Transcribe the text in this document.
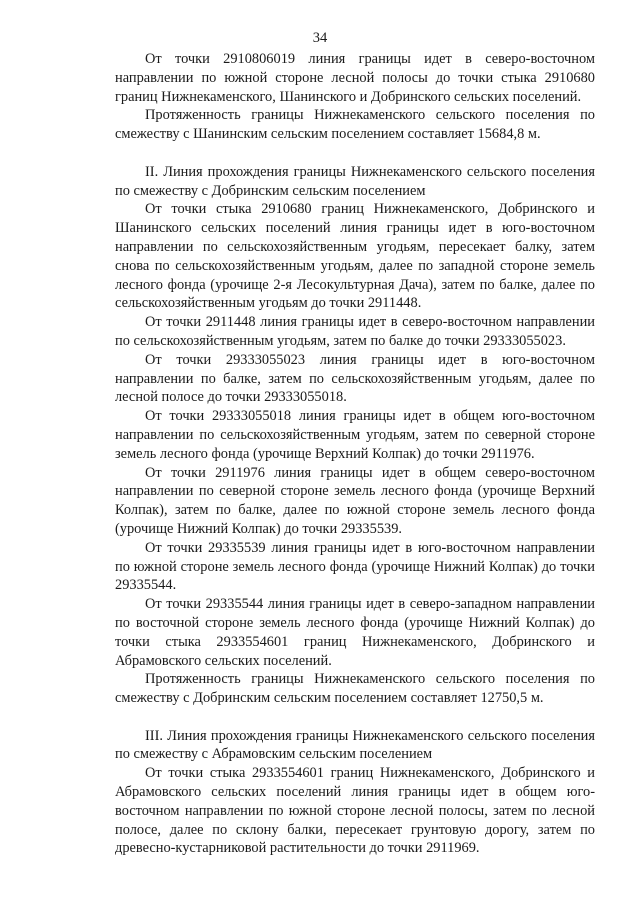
34

От точки 2910806019 линия границы идет в северо-восточном направлении по южной стороне лесной полосы до точки стыка 2910680 границ Нижнекаменского, Шанинского и Добринского сельских поселений.

Протяженность границы Нижнекаменского сельского поселения по смежеству с Шанинским сельским поселением составляет 15684,8 м.

II. Линия прохождения границы Нижнекаменского сельского поселения по смежеству с Добринским сельским поселением

От точки стыка 2910680 границ Нижнекаменского, Добринского и Шанинского сельских поселений линия границы идет в юго-восточном направлении по сельскохозяйственным угодьям, пересекает балку, затем снова по сельскохозяйственным угодьям, далее по западной стороне земель лесного фонда (урочище 2-я Лесокультурная Дача), затем по балке, далее по сельскохозяйственным угодьям до точки 2911448.

От точки 2911448 линия границы идет в северо-восточном направлении по сельскохозяйственным угодьям, затем по балке до точки 29333055023.

От точки 29333055023 линия границы идет в юго-восточном направлении по балке, затем по сельскохозяйственным угодьям, далее по лесной полосе до точки 29333055018.

От точки 29333055018 линия границы идет в общем юго-восточном направлении по сельскохозяйственным угодьям, затем по северной стороне земель лесного фонда (урочище Верхний Колпак) до точки 2911976.

От точки 2911976 линия границы идет в общем северо-восточном направлении по северной стороне земель лесного фонда (урочище Верхний Колпак), затем по балке, далее по южной стороне земель лесного фонда (урочище Нижний Колпак) до точки 29335539.

От точки 29335539 линия границы идет в юго-восточном направлении по южной стороне земель лесного фонда (урочище Нижний Колпак) до точки 29335544.

От точки 29335544 линия границы идет в северо-западном направлении по восточной стороне земель лесного фонда (урочище Нижний Колпак) до точки стыка 2933554601 границ Нижнекаменского, Добринского и Абрамовского сельских поселений.

Протяженность границы Нижнекаменского сельского поселения по смежеству с Добринским сельским поселением составляет 12750,5 м.

III. Линия прохождения границы Нижнекаменского сельского поселения по смежеству с Абрамовским сельским поселением

От точки стыка 2933554601 границ Нижнекаменского, Добринского и Абрамовского сельских поселений линия границы идет в общем юго-восточном направлении по южной стороне лесной полосы, затем по лесной полосе, далее по склону балки, пересекает грунтовую дорогу, затем по древесно-кустарниковой растительности до точки 2911969.
